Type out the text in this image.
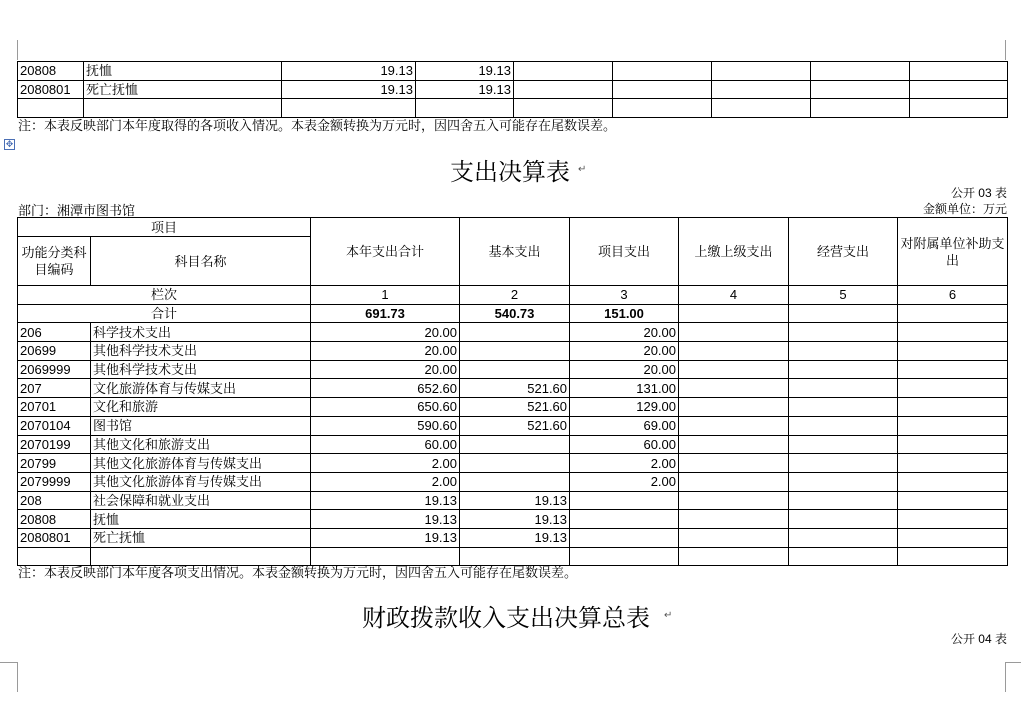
20808	抚恤	19.13	19.13					
2080801	死亡抚恤	19.13	19.13					

注：本表反映部门本年度取得的各项收入情况。本表金额转换为万元时，因四舍五入可能存在尾数误差。
✥
支出决算表 ↵
公开 03 表
部门：湘潭市图书馆	金额单位：万元
项目		本年支出合计	基本支出	项目支出	上缴上级支出	经营支出	对附属单位补助支出
功能分类科目编码	科目名称						
栏次		1	2	3	4	5	6
合计		691.73	540.73	151.00			
206	科学技术支出	20.00		20.00			
20699	其他科学技术支出	20.00		20.00			
2069999	其他科学技术支出	20.00		20.00			
207	文化旅游体育与传媒支出	652.60	521.60	131.00			
20701	文化和旅游	650.60	521.60	129.00			
2070104	图书馆	590.60	521.60	69.00			
2070199	其他文化和旅游支出	60.00		60.00			
20799	其他文化旅游体育与传媒支出	2.00		2.00			
2079999	其他文化旅游体育与传媒支出	2.00		2.00			
208	社会保障和就业支出	19.13	19.13				
20808	抚恤	19.13	19.13				
2080801	死亡抚恤	19.13	19.13				

注：本表反映部门本年度各项支出情况。本表金额转换为万元时，因四舍五入可能存在尾数误差。
财政拨款收入支出决算总表 ↵
公开 04 表
